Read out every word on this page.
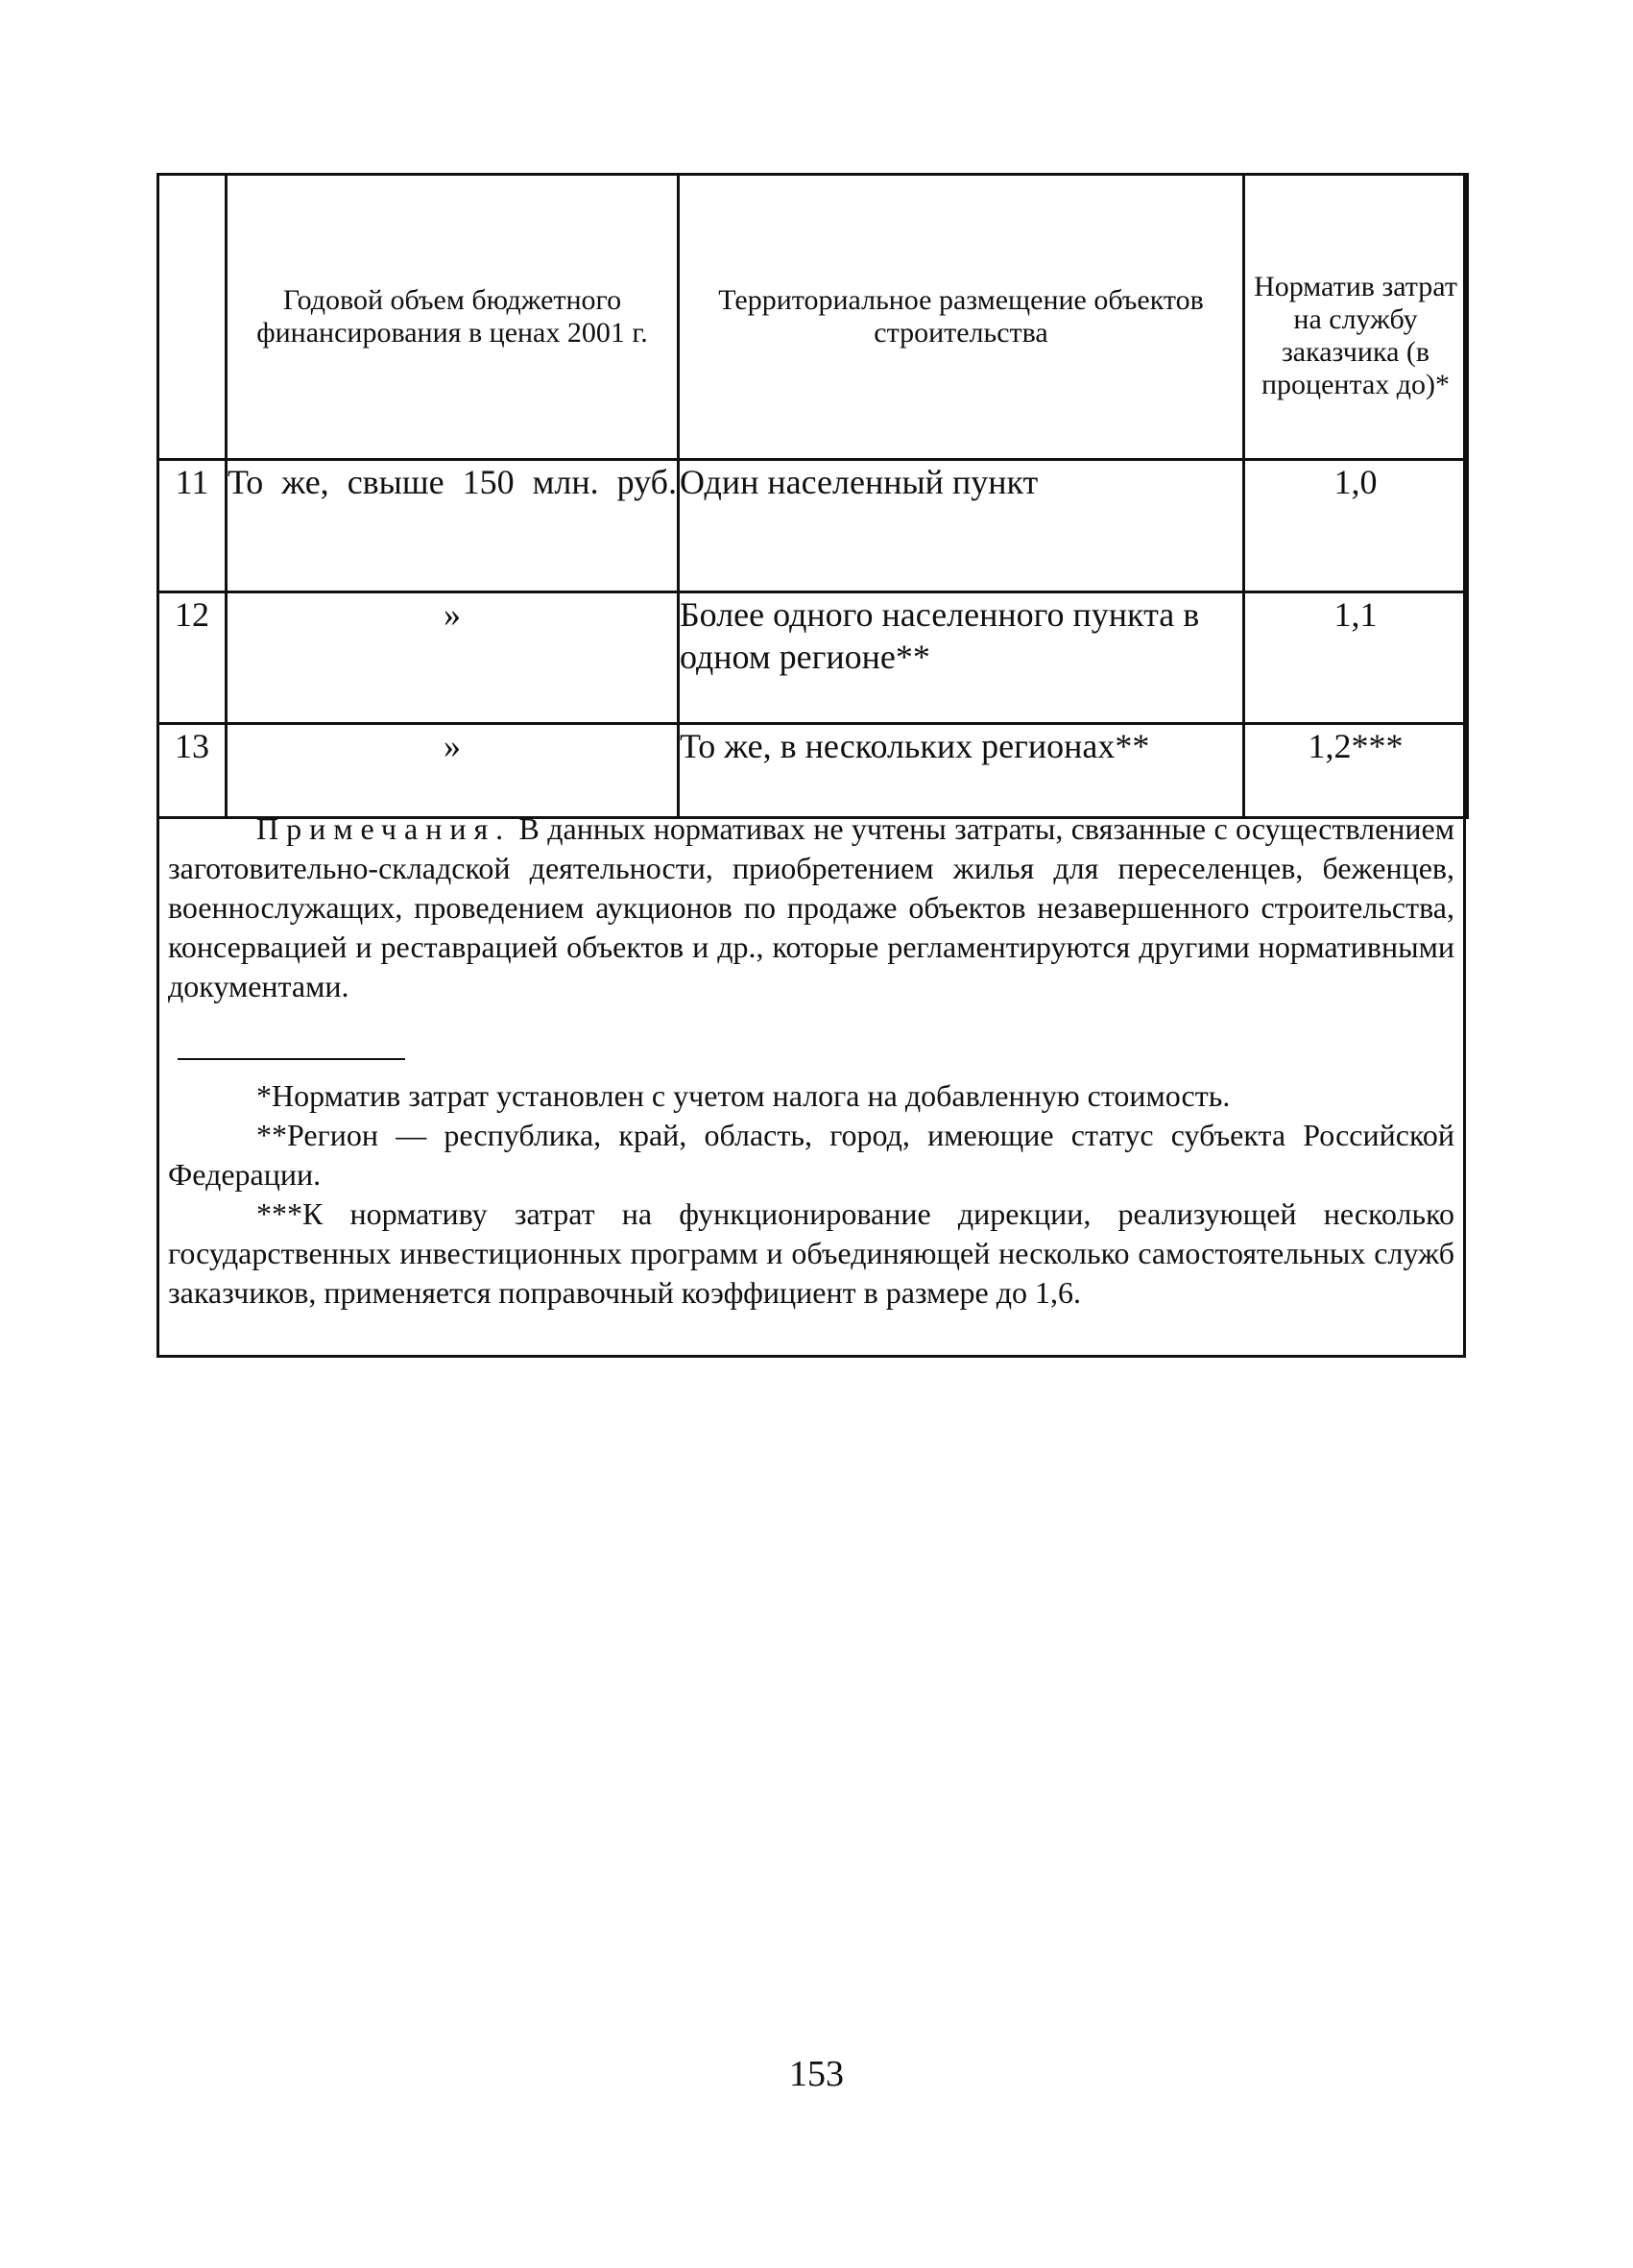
	Годовой объем бюджетного финансирования в ценах 2001 г.	Территориальное размещение объектов строительства	Норматив затрат на службу заказчика (в процентах до)*
11	То же, свыше 150 млн. руб.	Один населенный пункт	1,0
12	»	Более одного населенного пункта в одном регионе**	1,1
13	»	То же, в нескольких регионах**	1,2***

Примечания. В данных нормативах не учтены затраты, связанные с осуществлением заготовительно-складской деятельности, приобретением жилья для переселенцев, беженцев, военнослужащих, проведением аукционов по продаже объектов незавершенного строительства, консервацией и реставрацией объектов и др., которые регламентируются другими нормативными документами.

*Норматив затрат установлен с учетом налога на добавленную стоимость.

**Регион — республика, край, область, город, имеющие статус субъекта Российской Федерации.

***К нормативу затрат на функционирование дирекции, реализующей несколько государственных инвестиционных программ и объединяющей несколько самостоятельных служб заказчиков, применяется поправочный коэффициент в размере до 1,6.

153
